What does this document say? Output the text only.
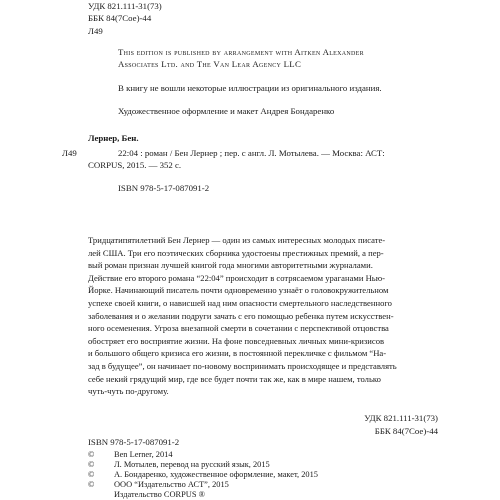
УДК 821.111-31(73)
ББК 84(7Сое)-44
Л49
This edition is published by arrangement with Aitken Alexander
Associates Ltd. and The Van Lear Agency LLC
В книгу не вошли некоторые иллюстрации из оригинального издания.
Художественное оформление и макет Андрея Бондаренко
Л49
Лернер, Бен.
22:04 : роман / Бен Лернер ; пер. с англ. Л. Мотылева. — Москва: АСТ:
CORPUS, 2015. — 352 с.
ISBN 978-5-17-087091-2
Тридцатипятилетний Бен Лернер — один из самых интересных молодых писате-
лей США. Три его поэтических сборника удостоены престижных премий, а пер-
вый роман признан лучшей книгой года многими авторитетными журналами.
Действие его второго романа “22:04” происходит в сотрясаемом ураганами Нью-
Йорке. Начинающий писатель почти одновременно узнаёт о головокружительном
успехе своей книги, о нависшей над ним опасности смертельного наследственного
заболевания и о желании подруги зачать с его помощью ребенка путем искусствен-
ного осеменения. Угроза внезапной смерти в сочетании с перспективой отцовства
обостряет его восприятие жизни. На фоне повседневных личных мини-кризисов
и большого общего кризиса его жизни, в постоянной перекличке с фильмом “На-
зад в будущее”, он начинает по-новому воспринимать происходящее и представлять
себе некий грядущий мир, где все будет почти так же, как в мире нашем, только
чуть-чуть по-другому.
УДК 821.111-31(73)
ББК 84(7Сое)-44
ISBN 978-5-17-087091-2
© Ben Lerner, 2014
© Л. Мотылев, перевод на русский язык, 2015
© А. Бондаренко, художественное оформление, макет, 2015
© ООО “Издательство АСТ”, 2015
Издательство CORPUS ®
